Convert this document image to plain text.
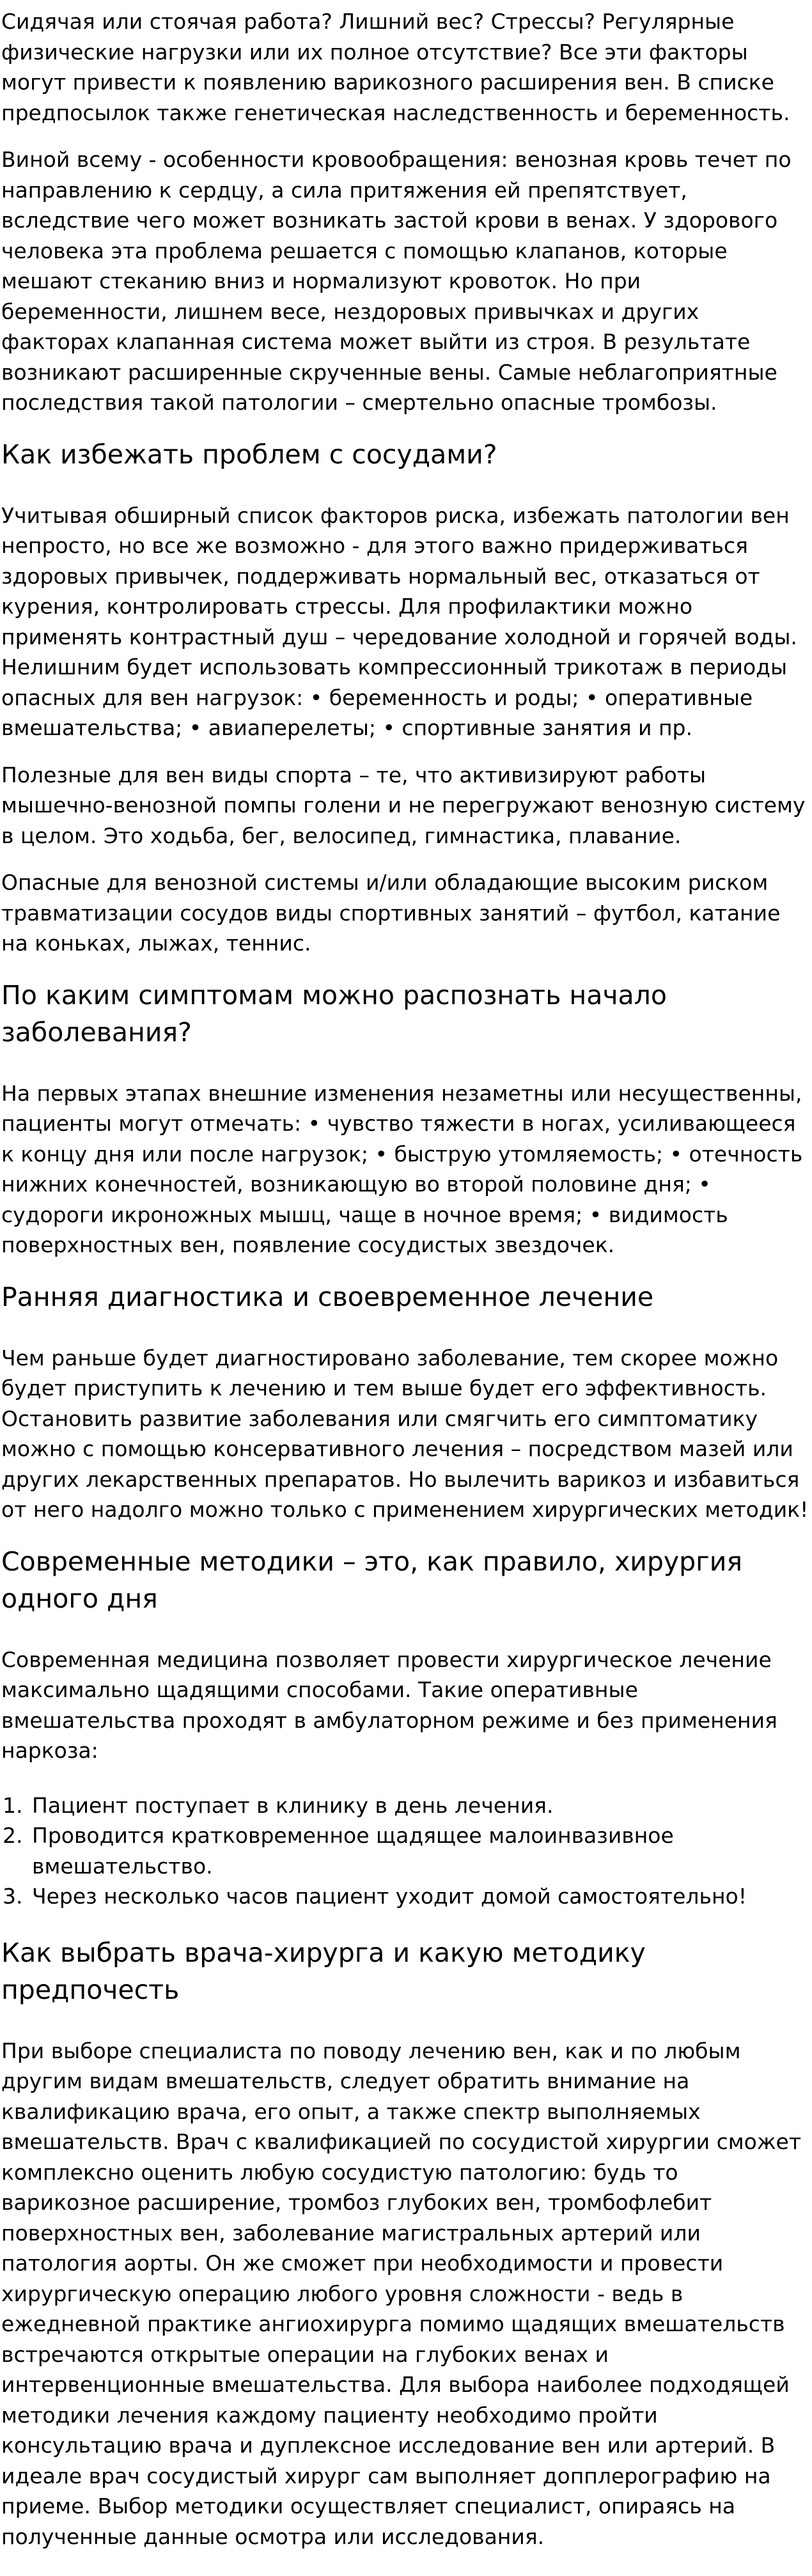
Сидячая или стоячая работа? Лишний вес? Стрессы? Регулярные физические нагрузки или их полное отсутствие? Все эти факторы могут привести к появлению варикозного расширения вен. В списке предпосылок также генетическая наследственность и беременность.

Виной всему - особенности кровообращения: венозная кровь течет по направлению к сердцу, а сила притяжения ей препятствует, вследствие чего может возникать застой крови в венах. У здорового человека эта проблема решается с помощью клапанов, которые мешают стеканию вниз и нормализуют кровоток. Но при беременности, лишнем весе, нездоровых привычках и других факторах клапанная система может выйти из строя. В результате возникают расширенные скрученные вены. Самые неблагоприятные последствия такой патологии – смертельно опасные тромбозы.

Как избежать проблем с сосудами?

Учитывая обширный список факторов риска, избежать патологии вен непросто, но все же возможно - для этого важно придерживаться здоровых привычек, поддерживать нормальный вес, отказаться от курения, контролировать стрессы. Для профилактики можно применять контрастный душ – чередование холодной и горячей воды. Нелишним будет использовать компрессионный трикотаж в периоды опасных для вен нагрузок: • беременность и роды; • оперативные вмешательства; • авиаперелеты; • спортивные занятия и пр.

Полезные для вен виды спорта – те, что активизируют работы мышечно-венозной помпы голени и не перегружают венозную систему в целом. Это ходьба, бег, велосипед, гимнастика, плавание.

Опасные для венозной системы и/или обладающие высоким риском травматизации сосудов виды спортивных занятий – футбол, катание на коньках, лыжах, теннис.

По каким симптомам можно распознать начало заболевания?

На первых этапах внешние изменения незаметны или несущественны, пациенты могут отмечать: • чувство тяжести в ногах, усиливающееся к концу дня или после нагрузок; • быструю утомляемость; • отечность нижних конечностей, возникающую во второй половине дня; • судороги икроножных мышц, чаще в ночное время; • видимость поверхностных вен, появление сосудистых звездочек.

Ранняя диагностика и своевременное лечение

Чем раньше будет диагностировано заболевание, тем скорее можно будет приступить к лечению и тем выше будет его эффективность. Остановить развитие заболевания или смягчить его симптоматику можно с помощью консервативного лечения – посредством мазей или других лекарственных препаратов. Но вылечить варикоз и избавиться от него надолго можно только с применением хирургических методик!

Современные методики – это, как правило, хирургия одного дня

Современная медицина позволяет провести хирургическое лечение максимально щадящими способами. Такие оперативные вмешательства проходят в амбулаторном режиме и без применения наркоза:

1. Пациент поступает в клинику в день лечения.
2. Проводится кратковременное щадящее малоинвазивное вмешательство.
3. Через несколько часов пациент уходит домой самостоятельно!
Как выбрать врача-хирурга и какую методику предпочесть

При выборе специалиста по поводу лечению вен, как и по любым другим видам вмешательств, следует обратить внимание на квалификацию врача, его опыт, а также спектр выполняемых вмешательств. Врач с квалификацией по сосудистой хирургии сможет комплексно оценить любую сосудистую патологию: будь то варикозное расширение, тромбоз глубоких вен, тромбофлебит поверхностных вен, заболевание магистральных артерий или патология аорты. Он же сможет при необходимости и провести хирургическую операцию любого уровня сложности - ведь в ежедневной практике ангиохирурга помимо щадящих вмешательств встречаются открытые операции на глубоких венах и интервенционные вмешательства. Для выбора наиболее подходящей методики лечения каждому пациенту необходимо пройти консультацию врача и дуплексное исследование вен или артерий. В идеале врач сосудистый хирург сам выполняет допплерографию на приеме. Выбор методики осуществляет специалист, опираясь на полученные данные осмотра или исследования.
